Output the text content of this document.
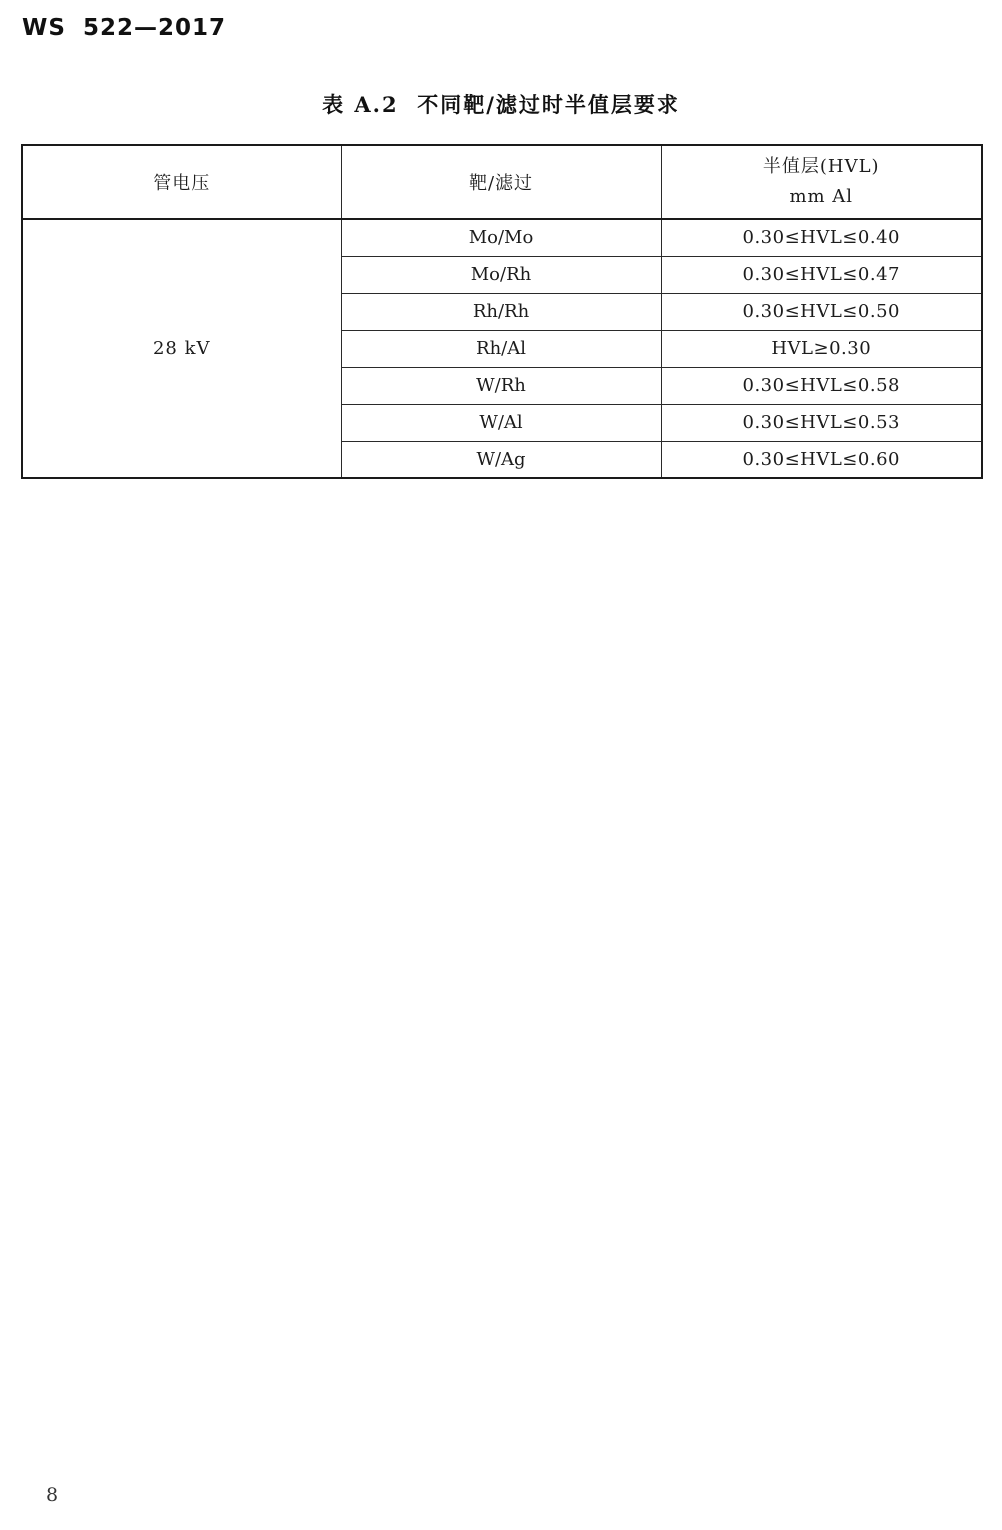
WS 522—2017
表 A.2  不同靶/滤过时半值层要求
管电压	靶/滤过	半值层(HVL)
mm Al

28 kV	Mo/Mo	0.30≤HVL≤0.40
	Mo/Rh	0.30≤HVL≤0.47
	Rh/Rh	0.30≤HVL≤0.50
	Rh/Al	HVL≥0.30
	W/Rh	0.30≤HVL≤0.58
	W/Al	0.30≤HVL≤0.53
	W/Ag	0.30≤HVL≤0.60
8
